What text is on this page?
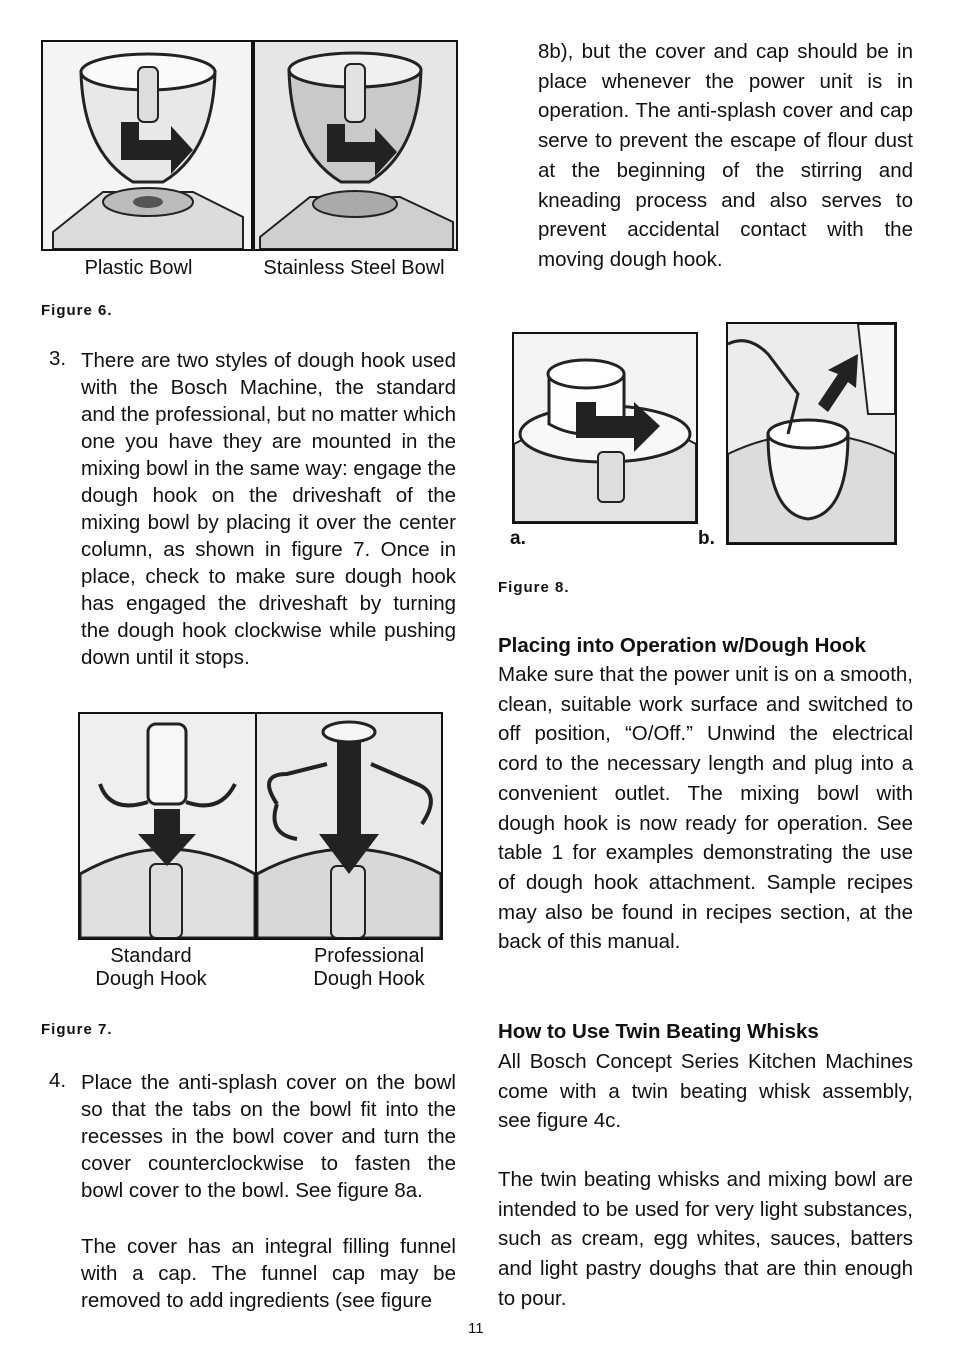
Plastic Bowl	Stainless Steel Bowl
Figure 6.
3. There are two styles of dough hook used with the Bosch Machine, the standard and the professional, but no matter which one you have they are mounted in the mixing bowl in the same way: engage the dough hook on the driveshaft of the mixing bowl by placing it over the center column, as shown in figure 7. Once in place, check to make sure dough hook has engaged the driveshaft by turning the dough hook clockwise while pushing down until it stops.
Standard
Dough Hook
Professional
Dough Hook
Figure 7.
4. Place the anti-splash cover on the bowl so that the tabs on the bowl fit into the recesses in the bowl cover and turn the cover counterclockwise to fasten the bowl cover to the bowl. See figure 8a.
The cover has an integral filling funnel with a cap. The funnel cap may be removed to add ingredients (see figure
8b), but the cover and cap should be in place whenever the power unit is in operation. The anti-splash cover and cap serve to prevent the escape of flour dust at the beginning of the stirring and kneading process and also serves to prevent accidental contact with the moving dough hook.
a.	b.
Figure 8.
Placing into Operation w/Dough Hook
Make sure that the power unit is on a smooth, clean, suitable work surface and switched to off position, “O/Off.” Unwind the electrical cord to the necessary length and plug into a convenient outlet. The mixing bowl with dough hook is now ready for operation. See table 1 for examples demonstrating the use of dough hook attachment. Sample recipes may also be found in recipes section, at the back of this manual.
How to Use Twin Beating Whisks
All Bosch Concept Series Kitchen Machines come with a twin beating whisk assembly, see figure 4c.
The twin beating whisks and mixing bowl are intended to be used for very light substances, such as cream, egg whites, sauces, batters and light pastry doughs that are thin enough to pour.
11
